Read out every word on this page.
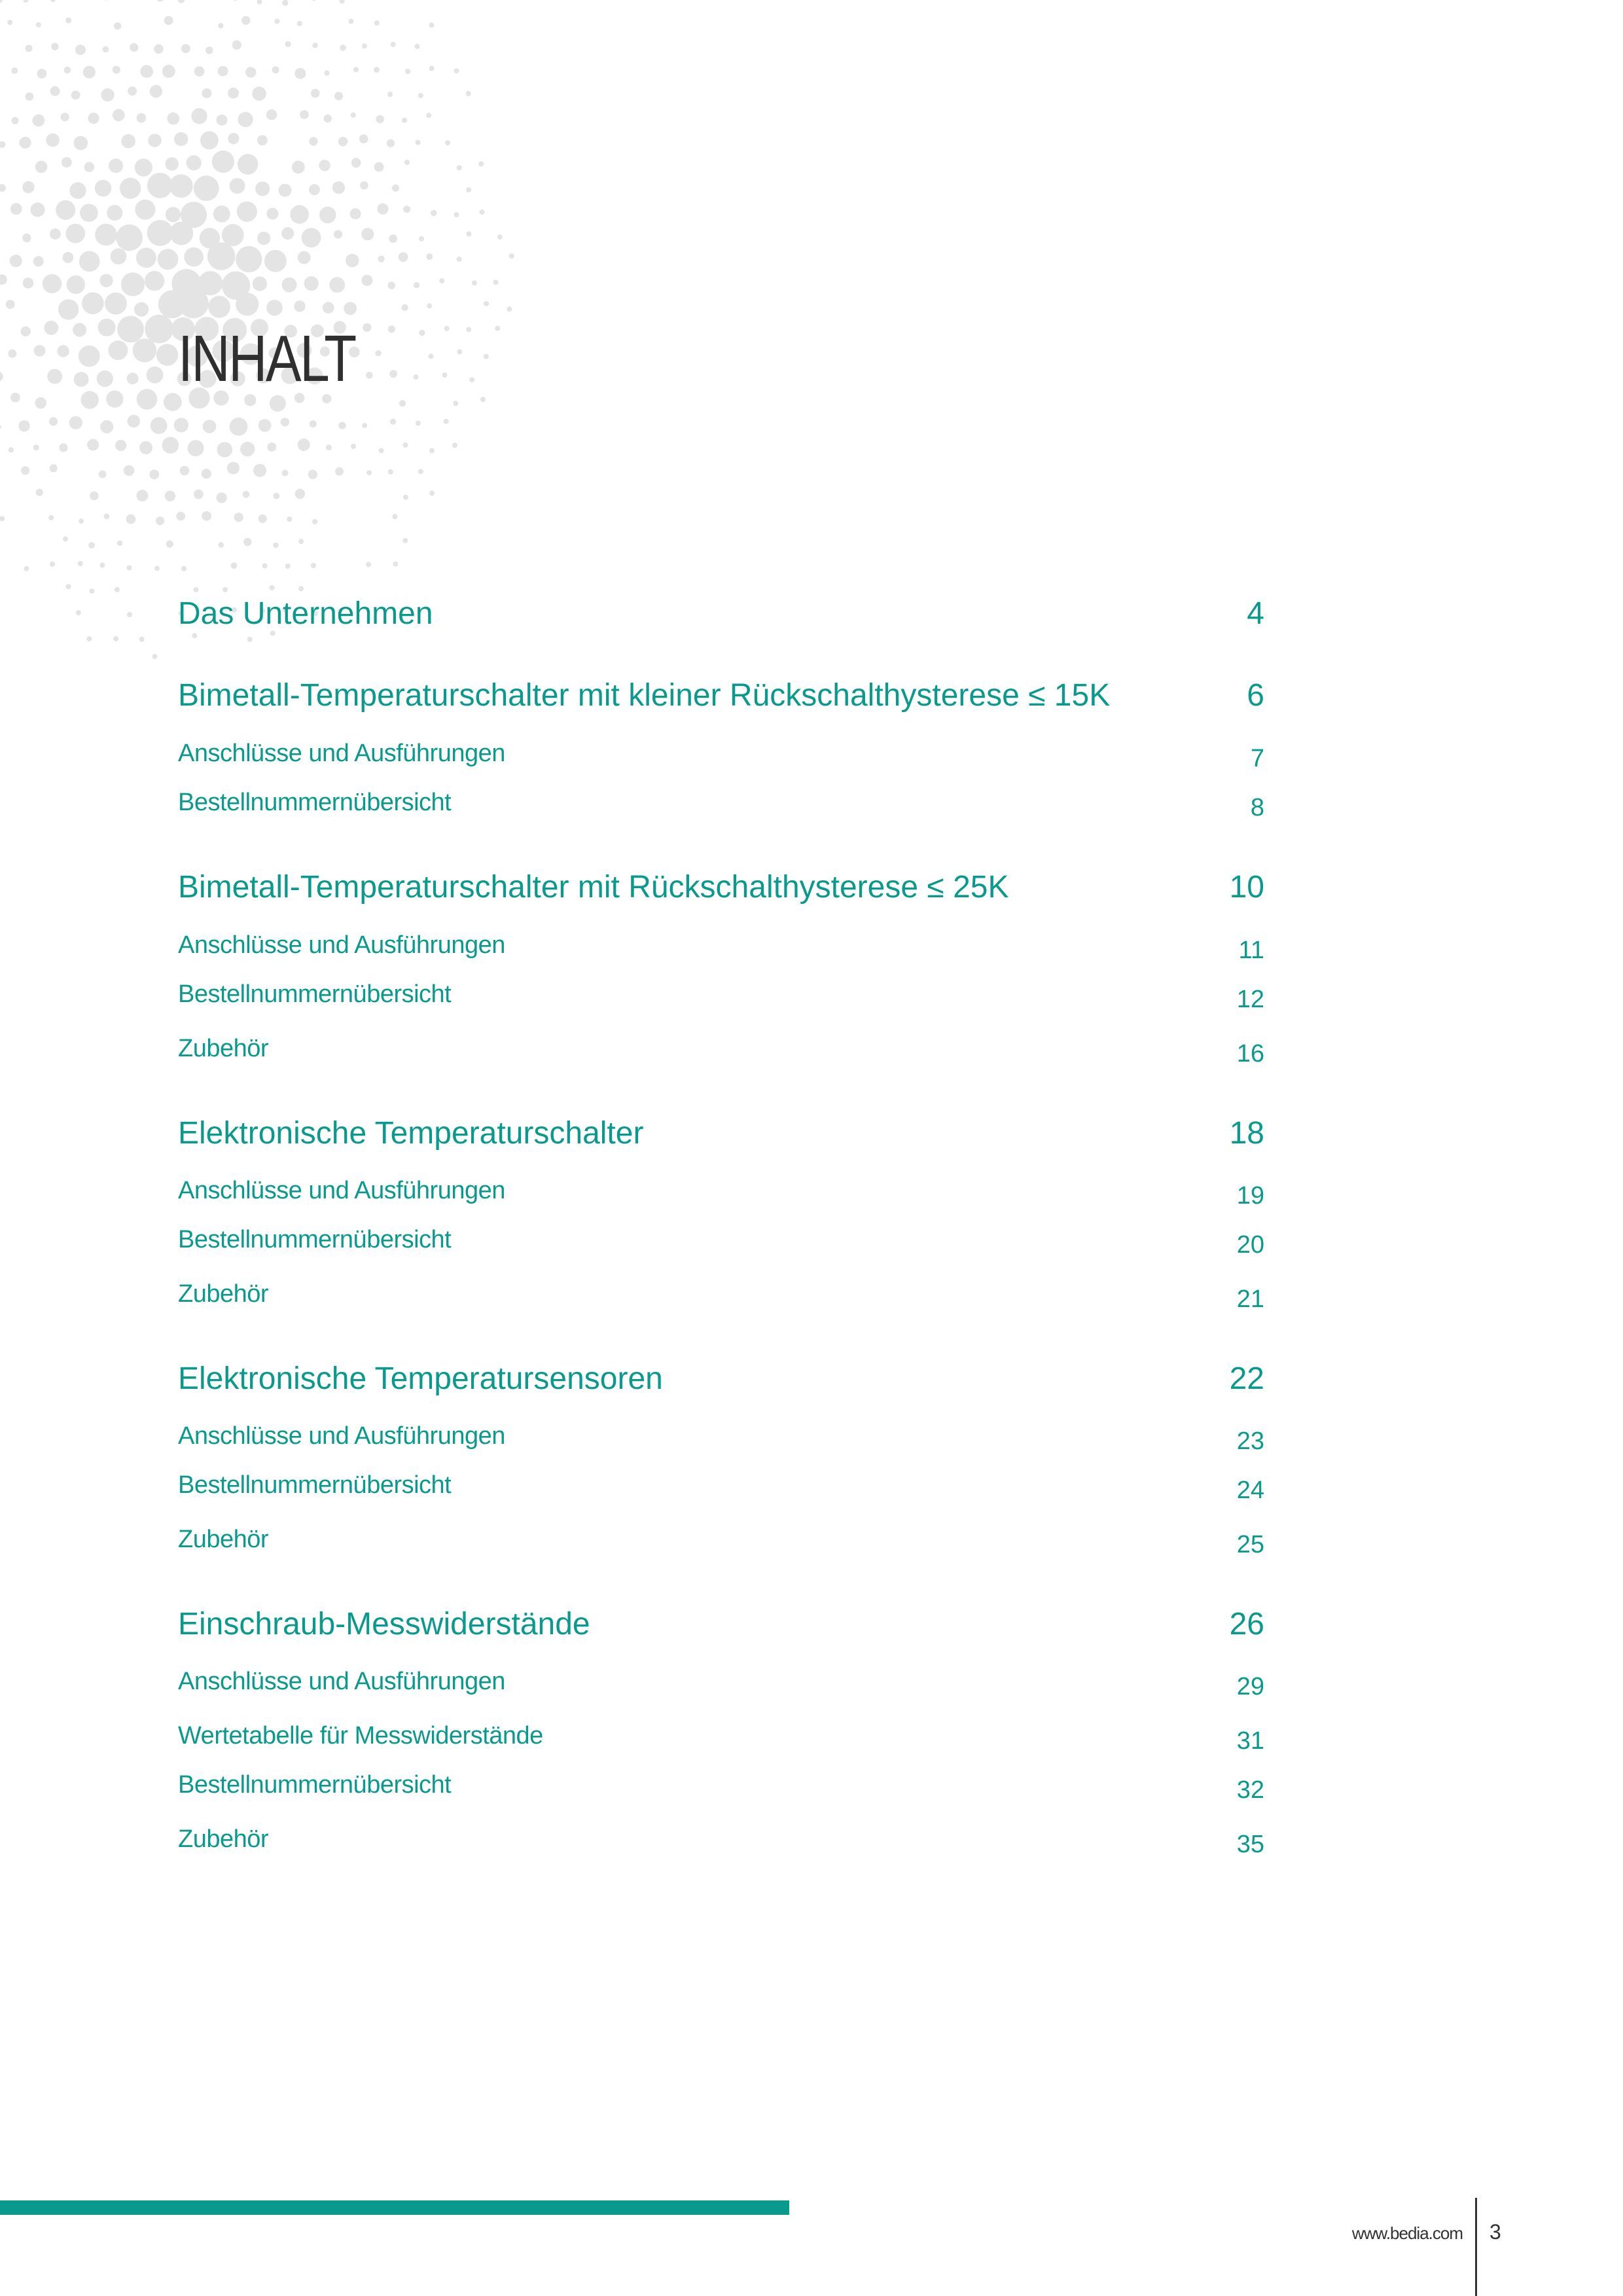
INHALT
Das Unternehmen	4
Bimetall-Temperaturschalter mit kleiner Rückschalthysterese ≤ 15K	6
Anschlüsse und Ausführungen	7
Bestellnummernübersicht	8
Bimetall-Temperaturschalter mit Rückschalthysterese ≤ 25K	10
Anschlüsse und Ausführungen	11
Bestellnummernübersicht	12
Zubehör	16
Elektronische Temperaturschalter	18
Anschlüsse und Ausführungen	19
Bestellnummernübersicht	20
Zubehör	21
Elektronische Temperatursensoren	22
Anschlüsse und Ausführungen	23
Bestellnummernübersicht	24
Zubehör	25
Einschraub-Messwiderstände	26
Anschlüsse und Ausführungen	29
Wertetabelle für Messwiderstände	31
Bestellnummernübersicht	32
Zubehör	35
www.bedia.com 3
